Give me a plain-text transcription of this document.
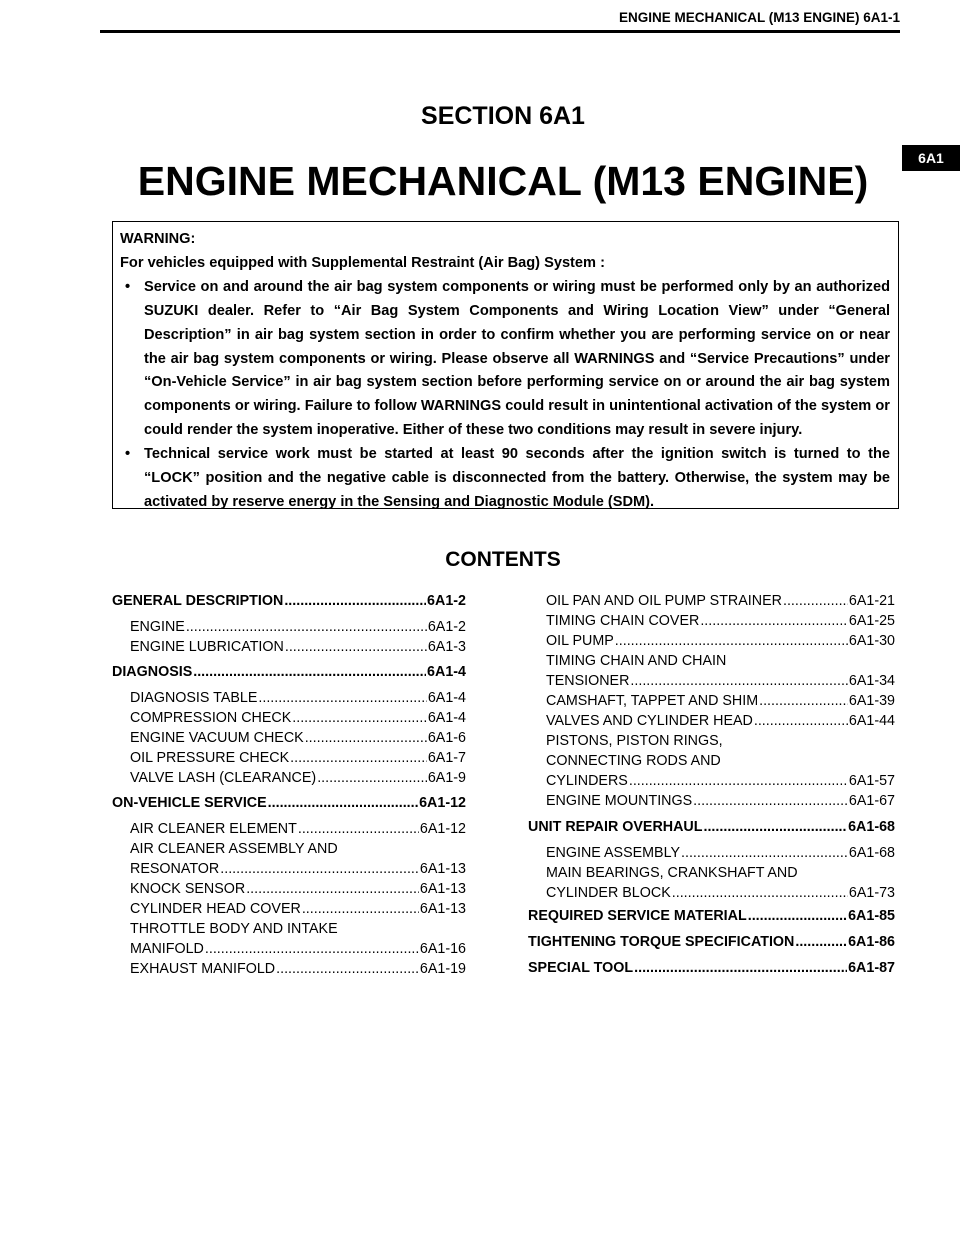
ENGINE MECHANICAL (M13 ENGINE) 6A1-1
6A1
SECTION 6A1
ENGINE MECHANICAL (M13 ENGINE)

WARNING:

For vehicles equipped with Supplemental Restraint (Air Bag) System :

• Service on and around the air bag system components or wiring must be performed only by an authorized SUZUKI dealer. Refer to “Air Bag System Components and Wiring Location View” under “General Description” in air bag system section in order to confirm whether you are performing service on or near the air bag system components or wiring. Please observe all WARNINGS and “Service Precautions” under “On-Vehicle Service” in air bag system section before performing service on or around the air bag system components or wiring. Failure to follow WARNINGS could result in unintentional activation of the system or could render the system inoperative. Either of these two conditions may result in severe injury.

• Technical service work must be started at least 90 seconds after the ignition switch is turned to the “LOCK” position and the negative cable is disconnected from the battery. Otherwise, the system may be activated by reserve energy in the Sensing and Diagnostic Module (SDM).

CONTENTS
GENERAL DESCRIPTION .....	6A1-2
ENGINE .....	6A1-2
ENGINE LUBRICATION .....	6A1-3
DIAGNOSIS .....	6A1-4
DIAGNOSIS TABLE .....	6A1-4
COMPRESSION CHECK .....	6A1-4
ENGINE VACUUM CHECK .....	6A1-6
OIL PRESSURE CHECK .....	6A1-7
VALVE LASH (CLEARANCE) .....	6A1-9
ON-VEHICLE SERVICE .....	6A1-12
AIR CLEANER ELEMENT .....	6A1-12
AIR CLEANER ASSEMBLY AND
RESONATOR .....	6A1-13
KNOCK SENSOR .....	6A1-13
CYLINDER HEAD COVER .....	6A1-13
THROTTLE BODY AND INTAKE
MANIFOLD .....	6A1-16
EXHAUST MANIFOLD .....	6A1-19
OIL PAN AND OIL PUMP STRAINER .....	6A1-21
TIMING CHAIN COVER .....	6A1-25
OIL PUMP .....	6A1-30
TIMING CHAIN AND CHAIN
TENSIONER .....	6A1-34
CAMSHAFT, TAPPET AND SHIM .....	6A1-39
VALVES AND CYLINDER HEAD .....	6A1-44
PISTONS, PISTON RINGS,
CONNECTING RODS AND
CYLINDERS .....	6A1-57
ENGINE MOUNTINGS .....	6A1-67
UNIT REPAIR OVERHAUL .....	6A1-68
ENGINE ASSEMBLY .....	6A1-68
MAIN BEARINGS, CRANKSHAFT AND
CYLINDER BLOCK .....	6A1-73
REQUIRED SERVICE MATERIAL .....	6A1-85
TIGHTENING TORQUE SPECIFICATION .....	6A1-86
SPECIAL TOOL .....	6A1-87
